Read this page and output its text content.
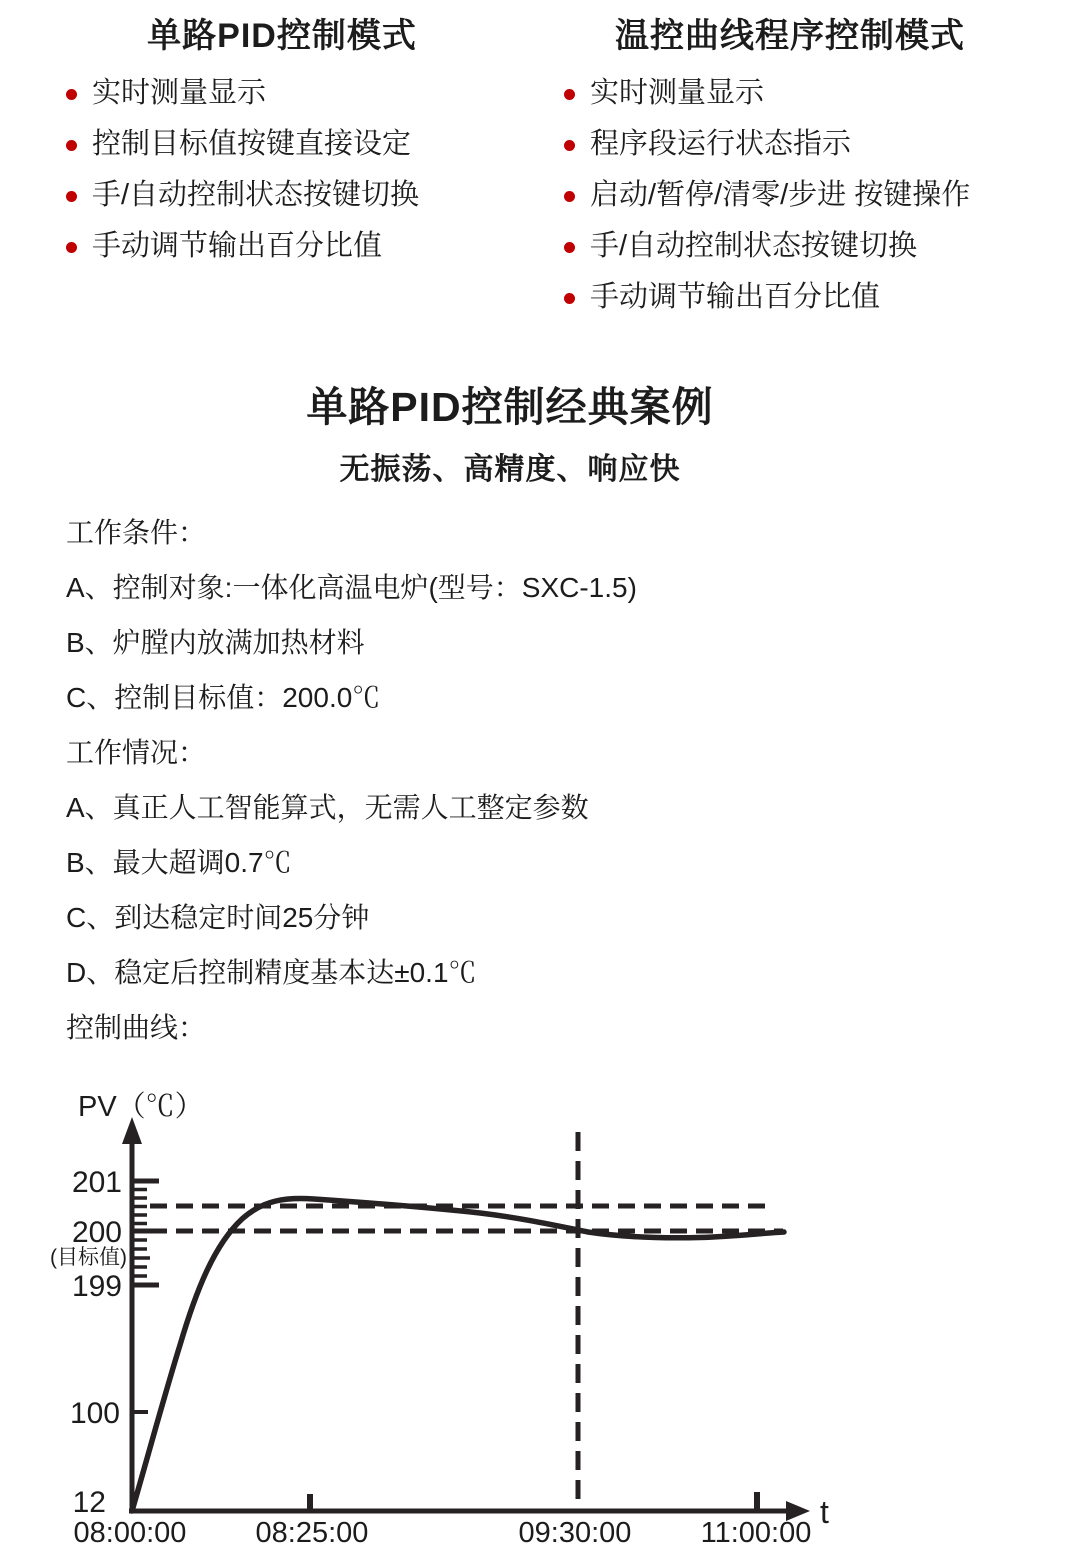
单路PID控制模式
实时测量显示
控制目标值按键直接设定
手/自动控制状态按键切换
手动调节输出百分比值
温控曲线程序控制模式
实时测量显示
程序段运行状态指示
启动/暂停/清零/步进 按键操作
手/自动控制状态按键切换
手动调节输出百分比值
单路PID控制经典案例
无振荡、高精度、响应快

工作条件：

A、控制对象:一体化高温电炉(型号：SXC-1.5)

B、炉膛内放满加热材料

C、控制目标值：200.0℃

工作情况：

A、真正人工智能算式，无需人工整定参数

B、最大超调0.7℃

C、到达稳定时间25分钟

D、稳定后控制精度基本达±0.1℃

控制曲线：

PV（℃）
201
200
(目标值)
199
100
12
08:00:00 08:25:00	09:30:00 11:00:00
t
